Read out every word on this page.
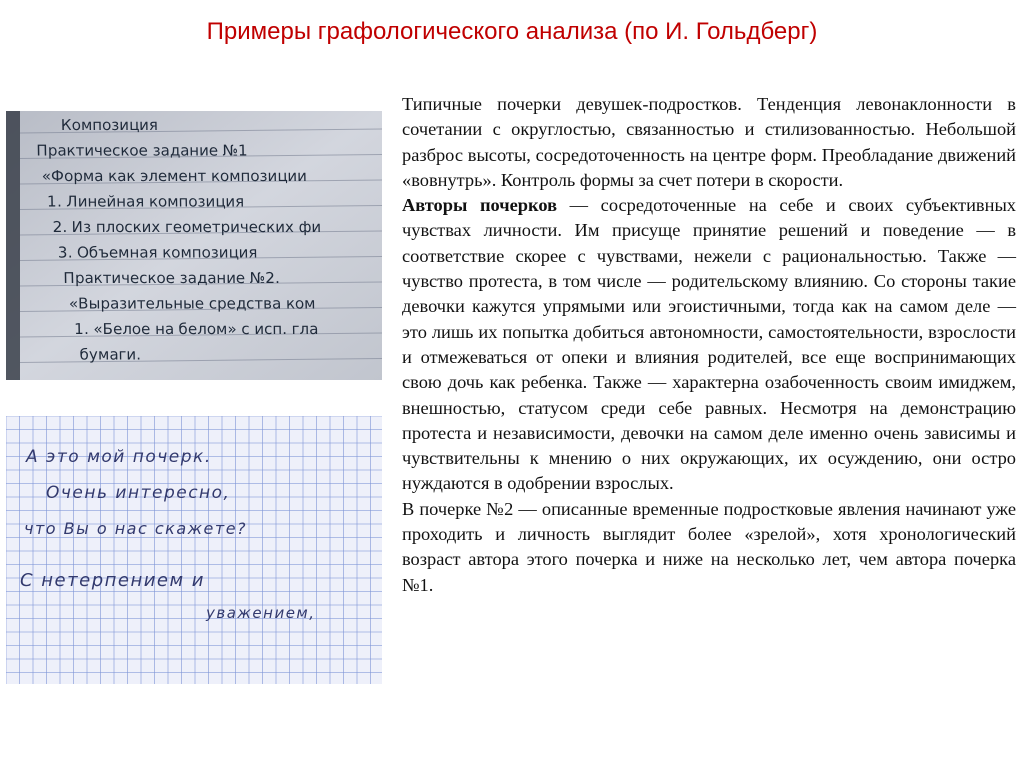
Примеры графологического анализа (по И. Гольдберг)
Композиция
Практическое задание №1
«Форма как элемент композиции
1. Линейная композиция
2. Из плоских геометрических фи
3. Объемная композиция
Практическое задание №2.
«Выразительные средства ком
1. «Белое на белом» с исп. гла
бумаги.
А это мой почерк.
Очень интересно,
что Вы о нас скажете?
С нетерпением и
уважением,

Типичные почерки девушек-подростков. Тенденция левонаклонности в сочетании с округлостью, связанностью и стилизованностью. Небольшой разброс высоты, сосредоточенность на центре форм. Преобладание движений «вовнутрь». Контроль формы за счет потери в скорости.

Авторы почерков — сосредоточенные на себе и своих субъективных чувствах личности. Им присуще принятие решений и поведение — в соответствие скорее с чувствами, нежели с рациональностью. Также — чувство протеста, в том числе — родительскому влиянию. Со стороны такие девочки кажутся упрямыми или эгоистичными, тогда как на самом деле — это лишь их попытка добиться автономности, самостоятельности, взрослости и отмежеваться от опеки и влияния родителей, все еще воспринимающих свою дочь как ребенка. Также — характерна озабоченность своим имиджем, внешностью, статусом среди себе равных. Несмотря на демонстрацию протеста и независимости, девочки на самом деле именно очень зависимы и чувствительны к мнению о них окружающих, их осуждению, они остро нуждаются в одобрении взрослых.

В почерке №2 — описанные временные подростковые явления начинают уже проходить и личность выглядит более «зрелой», хотя хронологический возраст автора этого почерка и ниже на несколько лет, чем автора почерка №1.
